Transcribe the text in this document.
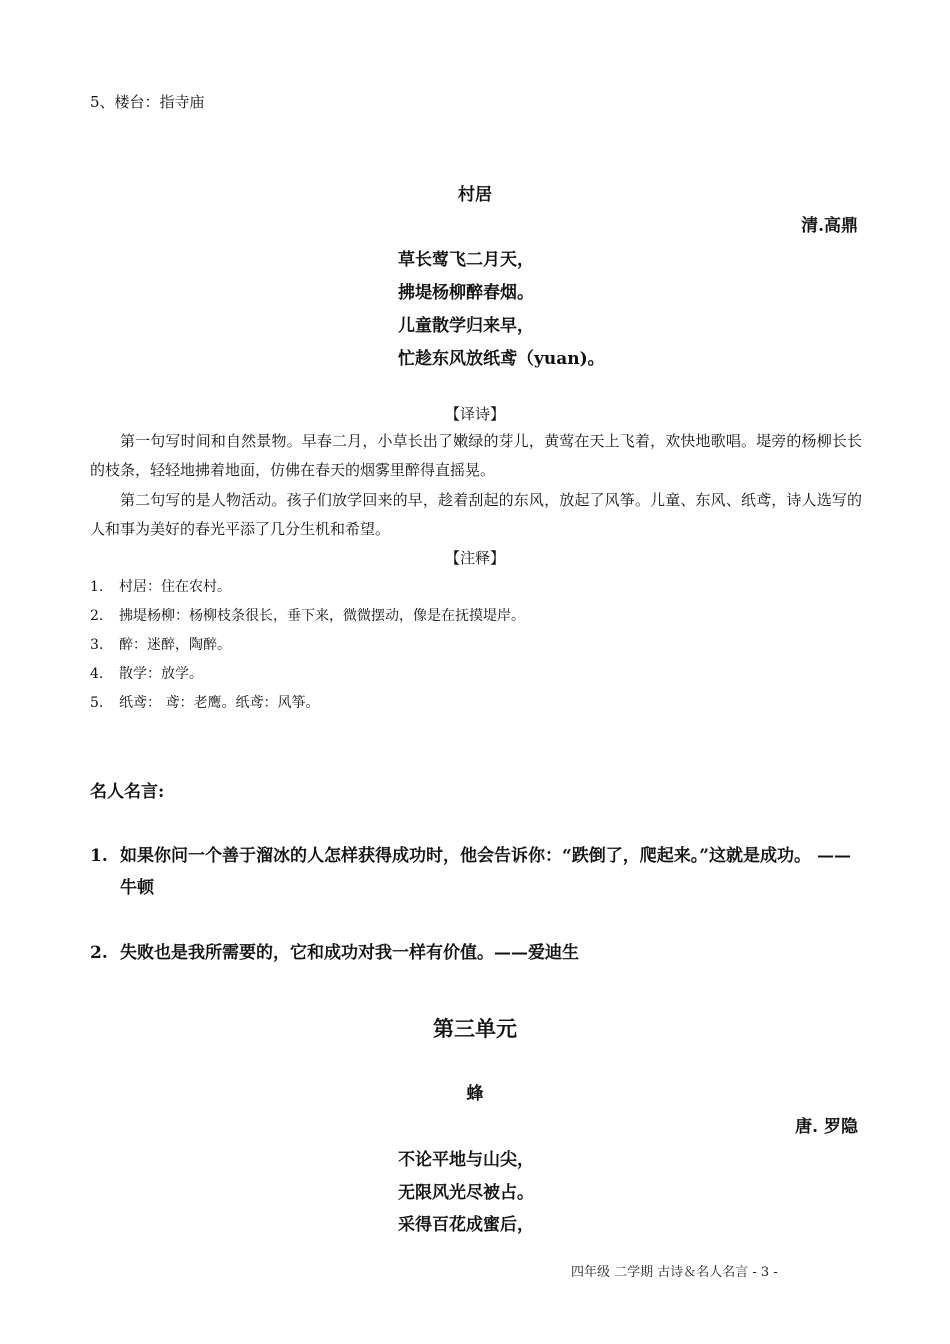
5、楼台：指寺庙
村居
清.高鼎
草长莺飞二月天，
拂堤杨柳醉春烟。
儿童散学归来早，
忙趁东风放纸鸢（yuan)。
【译诗】
第一句写时间和自然景物。早春二月，小草长出了嫩绿的芽儿，黄莺在天上飞着，欢快地歌唱。堤旁的杨柳长长的枝条，轻轻地拂着地面，仿佛在春天的烟雾里醉得直摇晃。
第二句写的是人物活动。孩子们放学回来的早，趁着刮起的东风，放起了风筝。儿童、东风、纸鸢，诗人选写的人和事为美好的春光平添了几分生机和希望。
【注释】
1. 村居：住在农村。
2. 拂堤杨柳：杨柳枝条很长，垂下来，微微摆动，像是在抚摸堤岸。
3. 醉：迷醉，陶醉。
4. 散学：放学。
5. 纸鸢： 鸢：老鹰。纸鸢：风筝。
名人名言:
1. 如果你问一个善于溜冰的人怎样获得成功时，他会告诉你：“跌倒了，爬起来。”这就是成功。 ——牛顿
2. 失败也是我所需要的，它和成功对我一样有价值。——爱迪生
第三单元
蜂
唐. 罗隐
不论平地与山尖，
无限风光尽被占。
采得百花成蜜后，
四年级 二学期 古诗＆名人名言 - 3 -
